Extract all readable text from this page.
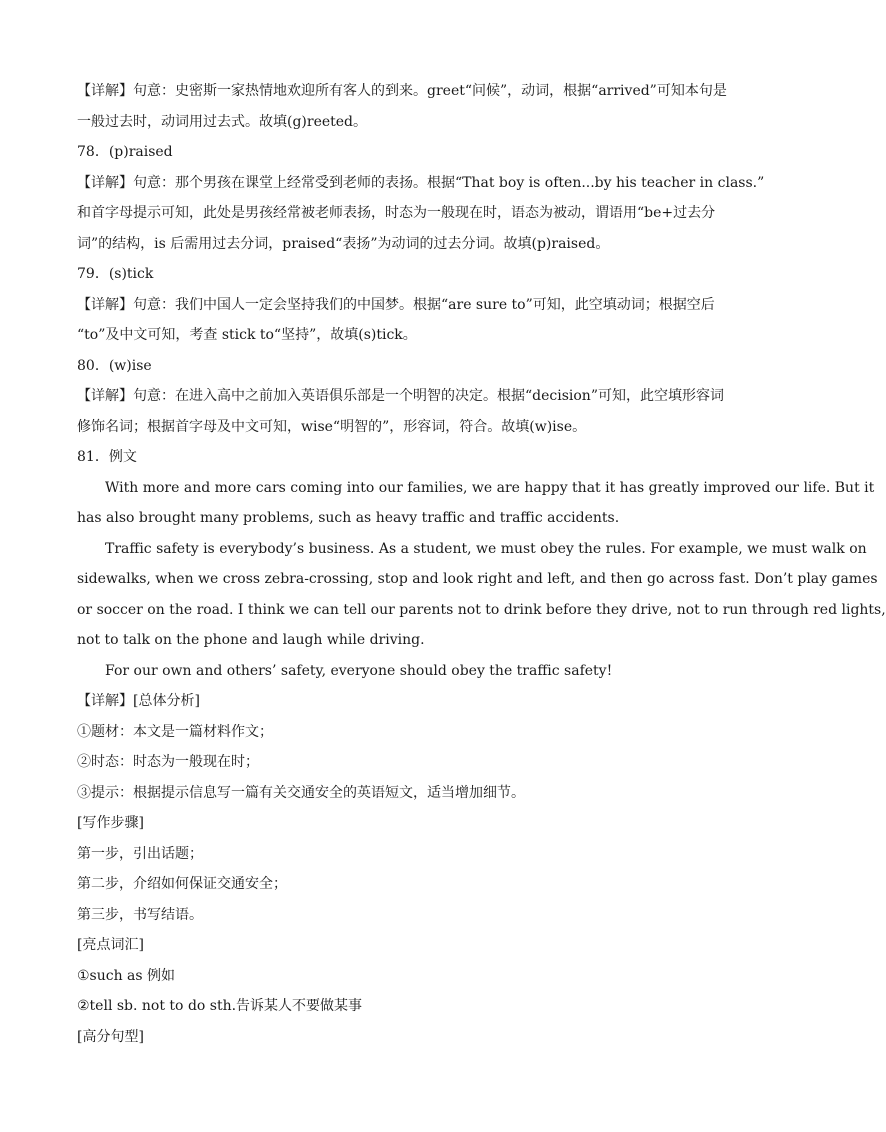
【详解】句意：史密斯一家热情地欢迎所有客人的到来。greet“问候”，动词，根据“arrived”可知本句是

一般过去时，动词用过去式。故填(g)reeted。

78．(p)raised

【详解】句意：那个男孩在课堂上经常受到老师的表扬。根据“That boy is often...by his teacher in class.”

和首字母提示可知，此处是男孩经常被老师表扬，时态为一般现在时，语态为被动，谓语用“be+过去分

词”的结构，is 后需用过去分词，praised“表扬”为动词的过去分词。故填(p)raised。

79．(s)tick

【详解】句意：我们中国人一定会坚持我们的中国梦。根据“are sure to”可知，此空填动词；根据空后

“to”及中文可知，考查 stick to“坚持”，故填(s)tick。

80．(w)ise

【详解】句意：在进入高中之前加入英语俱乐部是一个明智的决定。根据“decision”可知，此空填形容词

修饰名词；根据首字母及中文可知，wise“明智的”，形容词，符合。故填(w)ise。

81．例文

With more and more cars coming into our families, we are happy that it has greatly improved our life. But it

has also brought many problems, such as heavy traffic and traffic accidents.

Traffic safety is everybody’s business. As a student, we must obey the rules. For example, we must walk on

sidewalks, when we cross zebra-crossing, stop and look right and left, and then go across fast. Don’t play games

or soccer on the road. I think we can tell our parents not to drink before they drive, not to run through red lights,

not to talk on the phone and laugh while driving.

For our own and others’ safety, everyone should obey the traffic safety!

【详解】[总体分析]

①题材：本文是一篇材料作文；

②时态：时态为一般现在时；

③提示：根据提示信息写一篇有关交通安全的英语短文，适当增加细节。

[写作步骤]

第一步，引出话题；

第二步，介绍如何保证交通安全；

第三步，书写结语。

[亮点词汇]

①such as 例如

②tell sb. not to do sth.告诉某人不要做某事

[高分句型]
